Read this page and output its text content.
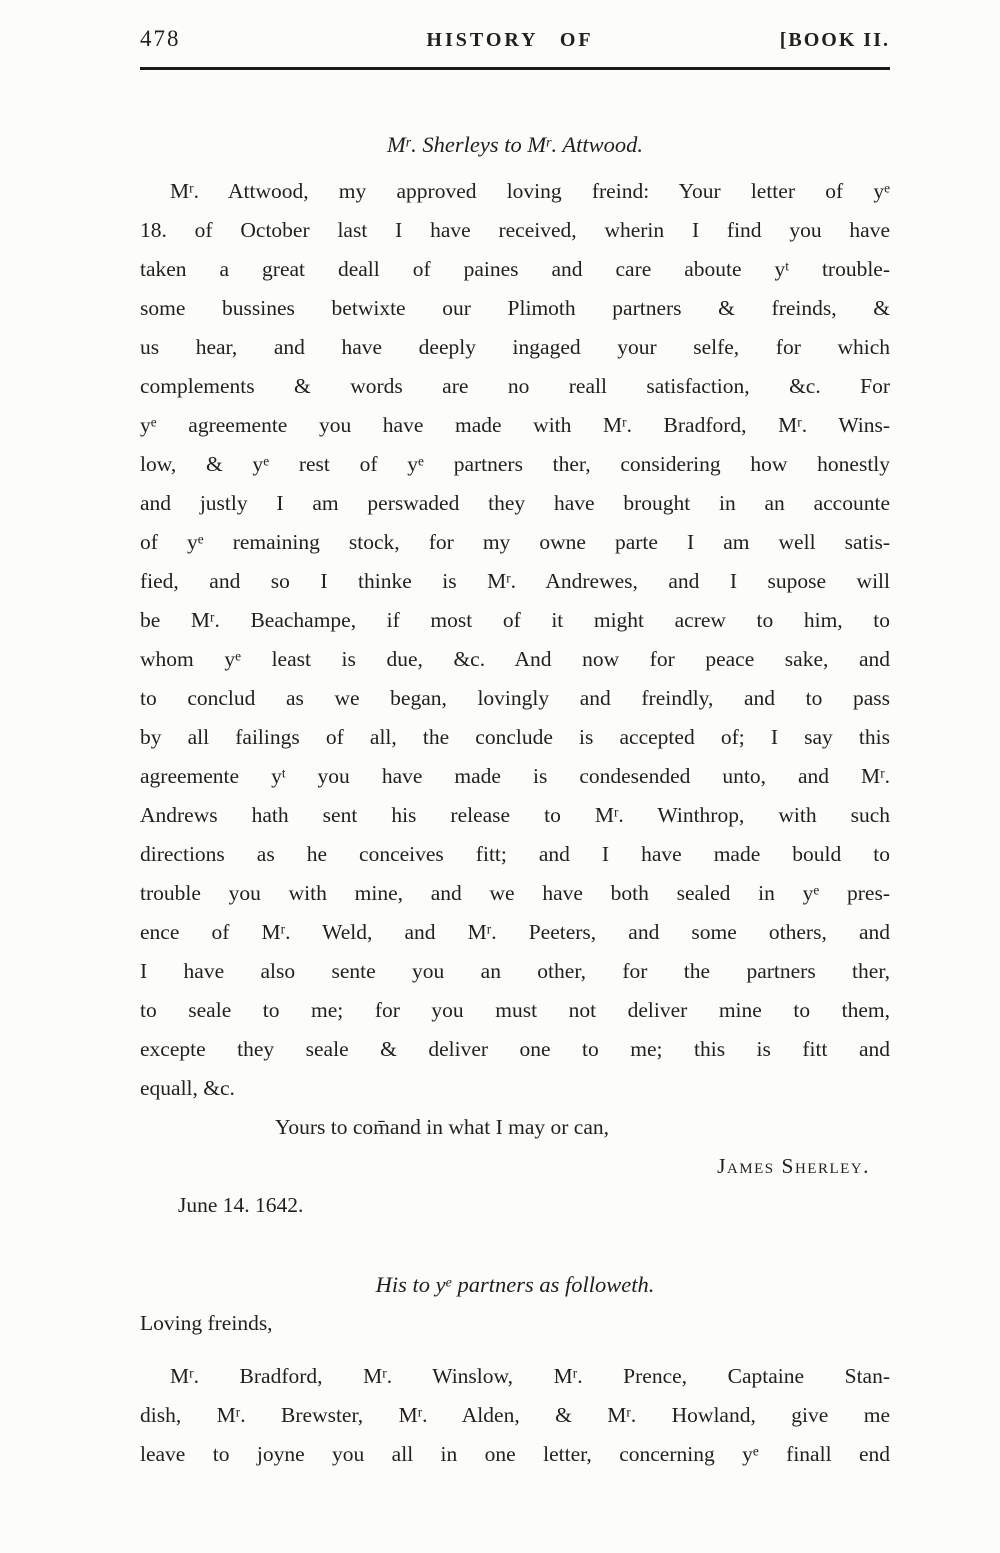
478	HISTORY OF	[BOOK II.
$M^r$. Sherleys to $M^r$. Attwood.
$M^r$. Attwood, my approved loving freind: Your letter of $y^e$
18. of October last I have received, wherin I find you have
taken a great deall of paines and care aboute $y^t$ trouble-
some bussines betwixte our Plimoth partners & freinds, &
us hear, and have deeply ingaged your selfe, for which
complements & words are no reall satisfaction, &c. For
$y^e$ agreemente you have made with $M^r$. Bradford, $M^r$. Wins-
low, & $y^e$ rest of $y^e$ partners ther, considering how honestly
and justly I am perswaded they have brought in an accounte
of $y^e$ remaining stock, for my owne parte I am well satis-
fied, and so I thinke is $M^r$. Andrewes, and I supose will
be $M^r$. Beachampe, if most of it might acrew to him, to
whom $y^e$ least is due, &c. And now for peace sake, and
to conclud as we began, lovingly and freindly, and to pass
by all failings of all, the conclude is accepted of; I say this
agreemente $y^t$ you have made is condesended unto, and $M^r$.
Andrews hath sent his release to $M^r$. Winthrop, with such
directions as he conceives fitt; and I have made bould to
trouble you with mine, and we have both sealed in $y^e$ pres-
ence of $M^r$. Weld, and $M^r$. Peeters, and some others, and
I have also sente you an other, for the partners ther,
to seale to me; for you must not deliver mine to them,
excepte they seale & deliver one to me; this is fitt and
equall, &c.
Yours to com̄and in what I may or can,
James Sherley.
June 14. 1642.
His to $y^e$ partners as followeth.
Loving freinds,
$M^r$. Bradford, $M^r$. Winslow, $M^r$. Prence, Captaine Stan-
dish, $M^r$. Brewster, $M^r$. Alden, & $M^r$. Howland, give me
leave to joyne you all in one letter, concerning $y^e$ finall end
